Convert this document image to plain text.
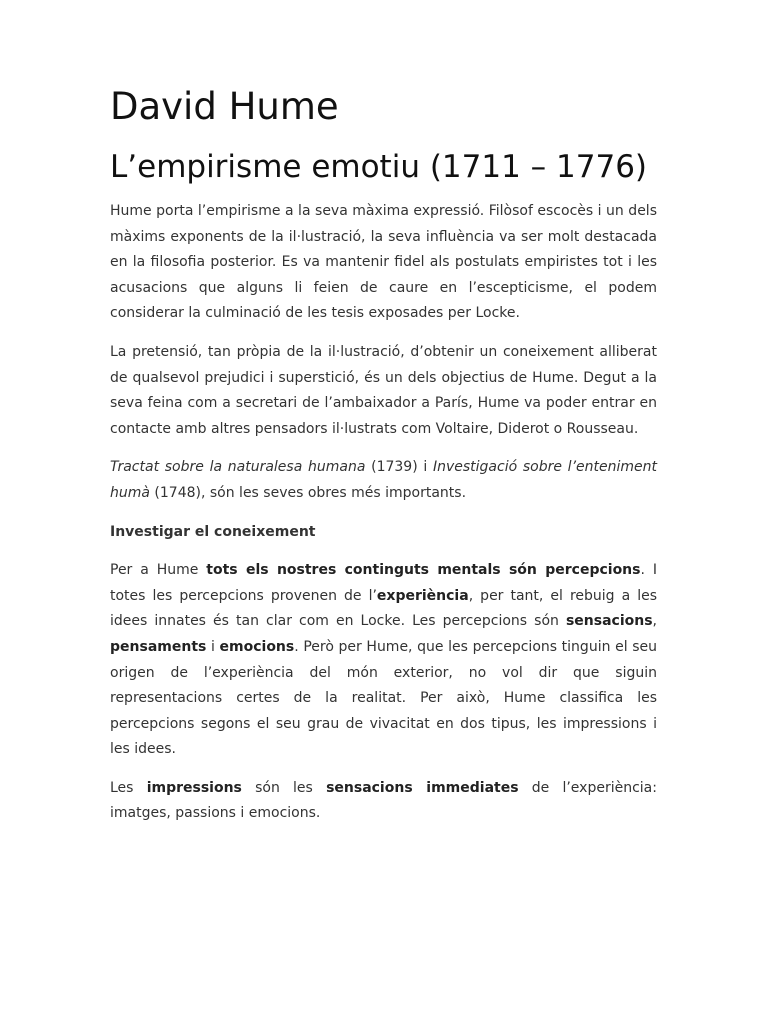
David Hume
L’empirisme emotiu (1711 – 1776)

Hume porta l’empirisme a la seva màxima expressió. Filòsof escocès i un dels màxims exponents de la il·lustració, la seva influència va ser molt destacada en la filosofia posterior. Es va mantenir fidel als postulats empiristes tot i les acusacions que alguns li feien de caure en l’escepticisme, el podem considerar la culminació de les tesis exposades per Locke.

La pretensió, tan pròpia de la il·lustració, d’obtenir un coneixement alliberat de qualsevol prejudici i superstició, és un dels objectius de Hume. Degut a la seva feina com a secretari de l’ambaixador a París, Hume va poder entrar en contacte amb altres pensadors il·lustrats com Voltaire, Diderot o Rousseau.

Tractat sobre la naturalesa humana (1739) i Investigació sobre l’enteniment humà (1748), són les seves obres més importants.

Investigar el coneixement

Per a Hume tots els nostres continguts mentals són percepcions. I totes les percepcions provenen de l’experiència, per tant, el rebuig a les idees innates és tan clar com en Locke. Les percepcions són sensacions, pensaments i emocions. Però per Hume, que les percepcions tinguin el seu origen de l’experiència del món exterior, no vol dir que siguin representacions certes de la realitat. Per això, Hume classifica les percepcions segons el seu grau de vivacitat en dos tipus, les impressions i les idees.

Les impressions són les sensacions immediates de l’experiència: imatges, passions i emocions.
